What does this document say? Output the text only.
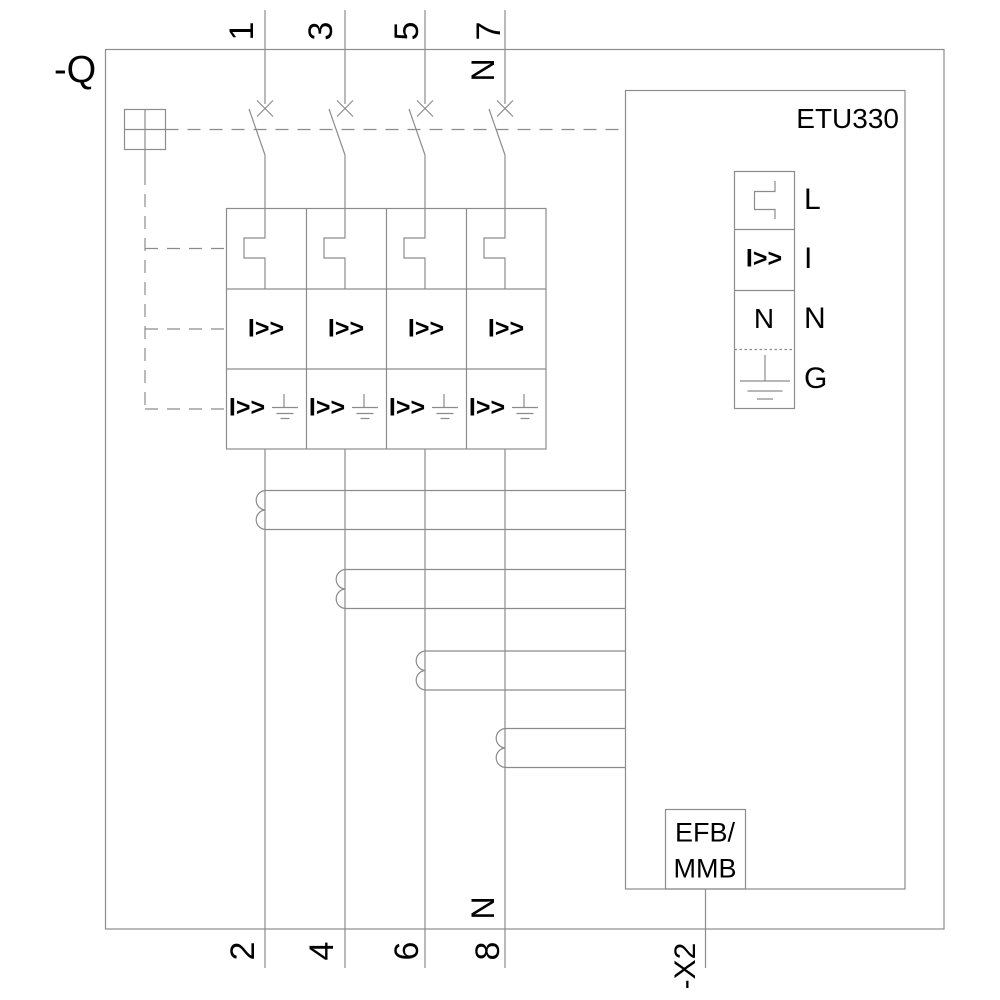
-Q
1 3 5 7
N
I>> I>> I>> I>>
I>> I>> I>> I>>
ETU330
I>>
N
L
I
N
G
EFB/
MMB
N
2 4 6 8	-X2
